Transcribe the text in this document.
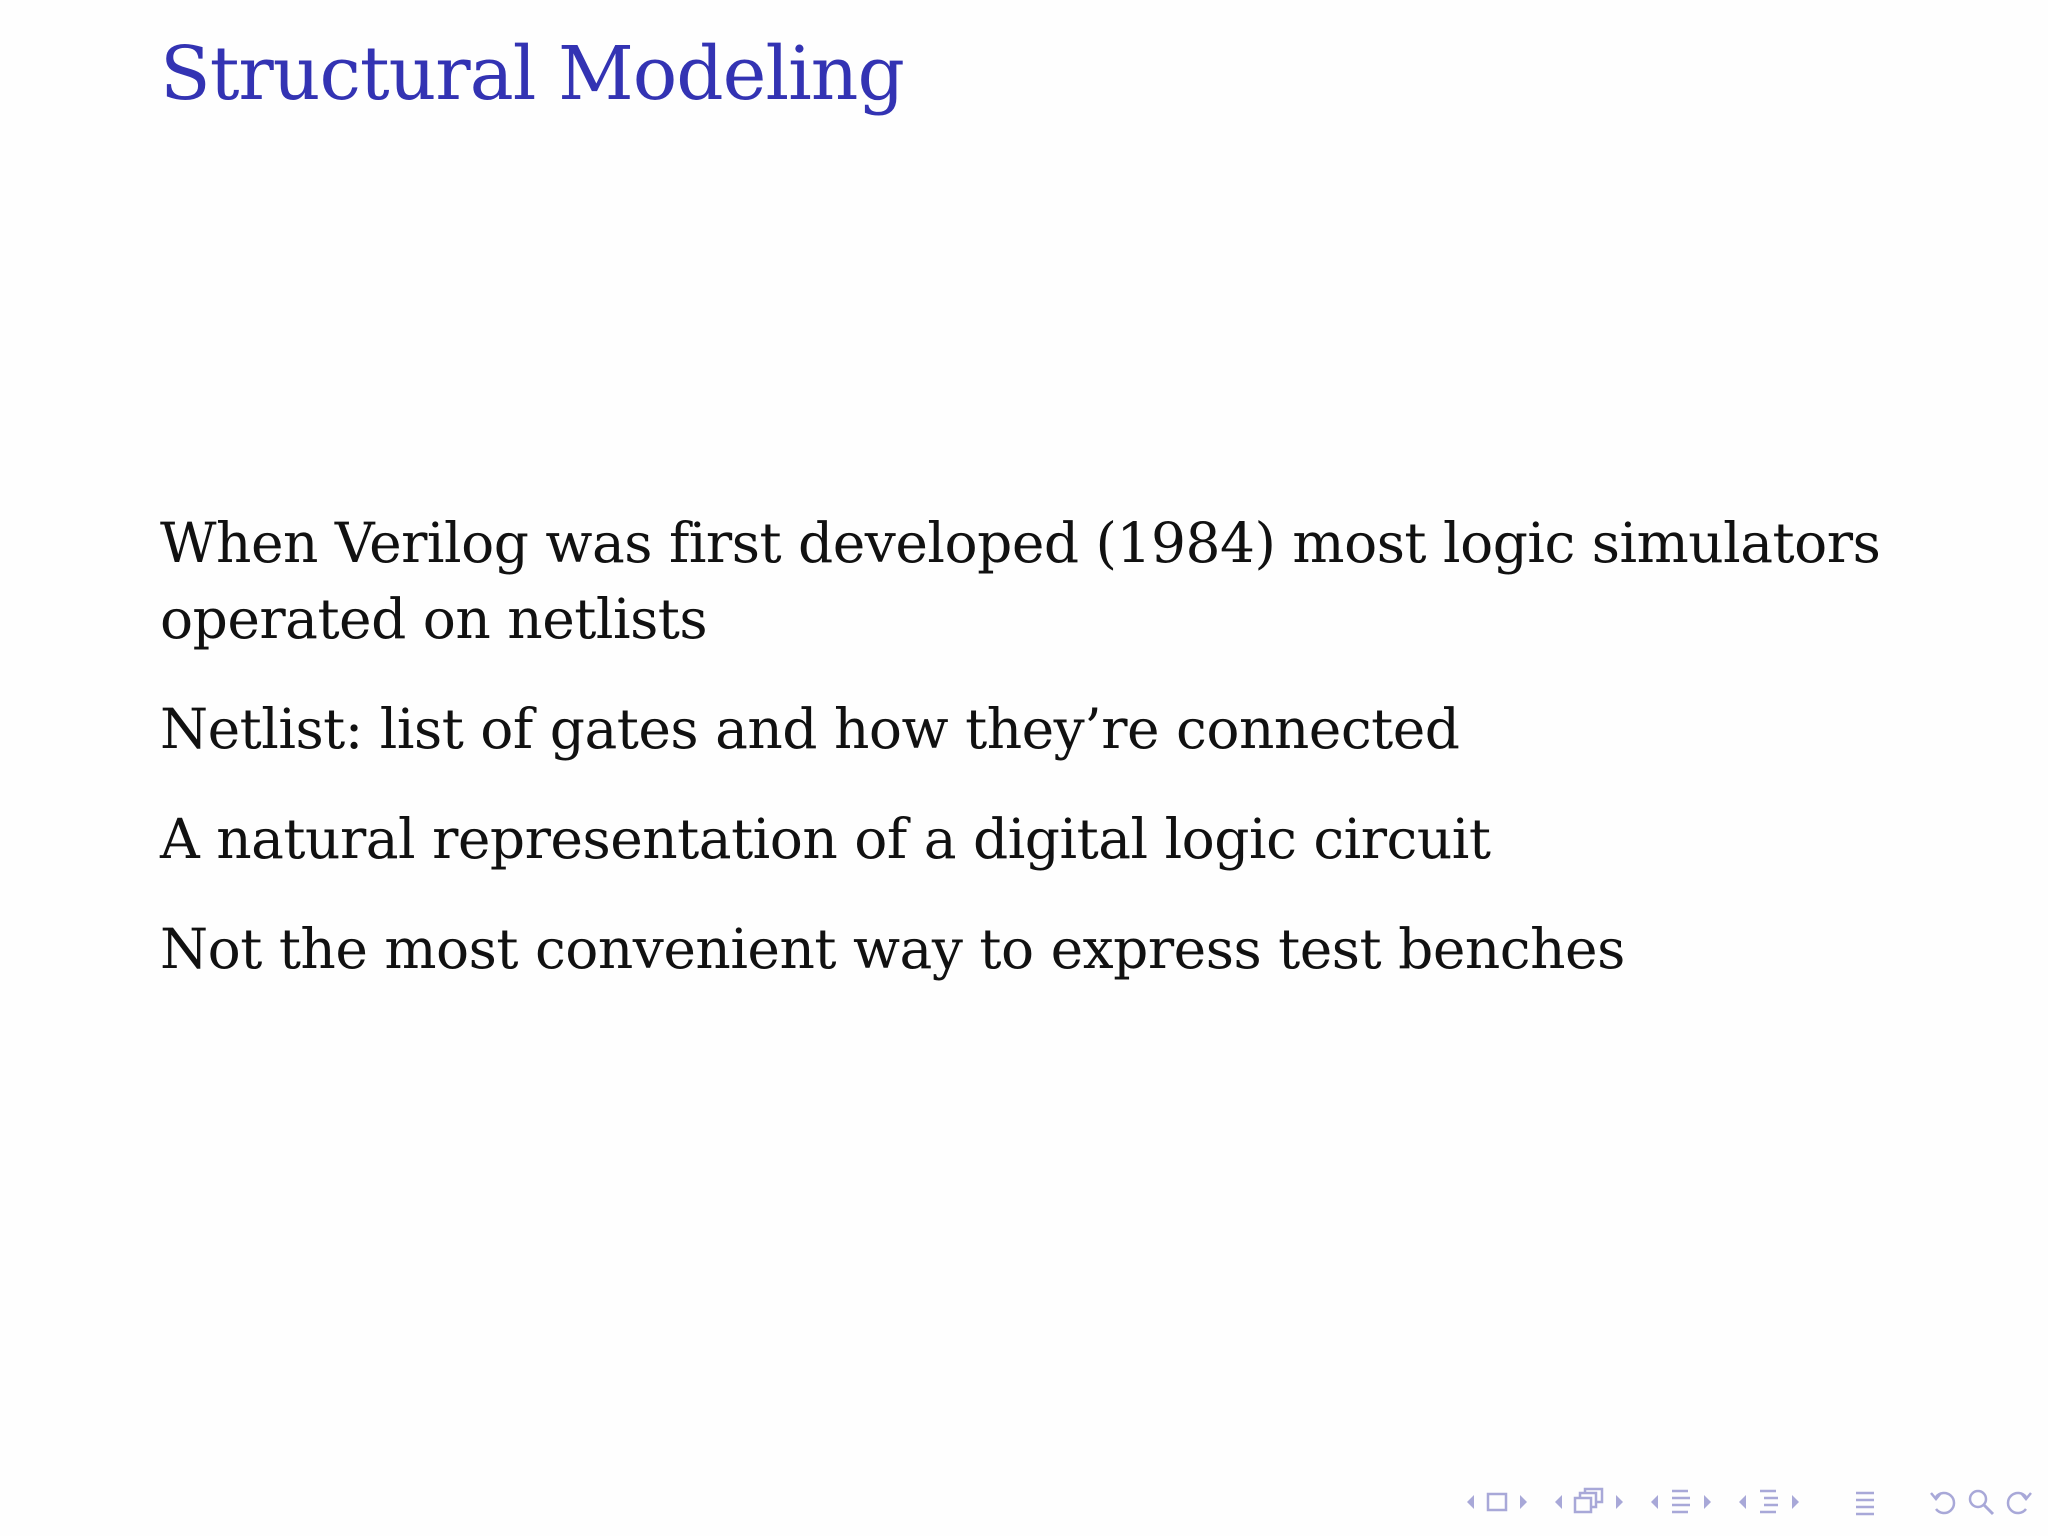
Structural Modeling

When Verilog was first developed (1984) most logic simulators operated on netlists

Netlist: list of gates and how they’re connected

A natural representation of a digital logic circuit

Not the most convenient way to express test benches
